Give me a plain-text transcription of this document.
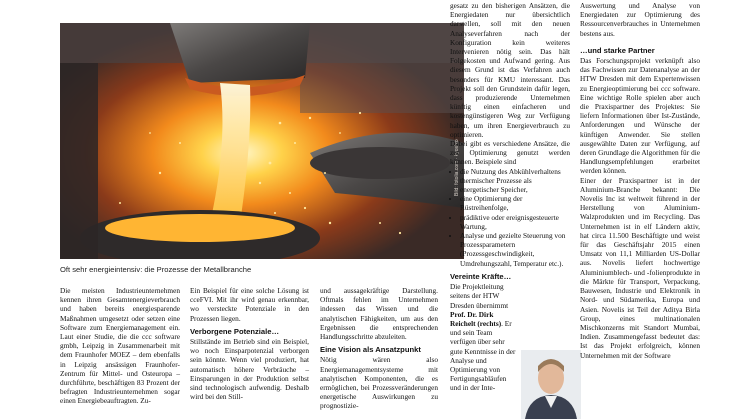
Bild: fotolia.com · kyoshio
Oft sehr energieintensiv: die Prozesse der Metallbranche

Die meisten Industrieunternehmen kennen ihren Gesamtenergieverbrauch und haben bereits energiesparende Maßnahmen umgesetzt oder setzen eine Software zum Energiemanagement ein. Laut einer Studie, die die ccc software gmbh, Leipzig in Zusammenarbeit mit dem Fraunhofer MOEZ – dem ebenfalls in Leipzig ansässigen Fraunhofer-Zentrum für Mittel- und Osteuropa – durchführte, beschäftigen 83 Prozent der befragten Industrieunternehmen sogar einen Energiebeauftragten. Zu-

Ein Beispiel für eine solche Lösung ist cceFVI. Mit ihr wird genau erkennbar, wo versteckte Potenziale in den Prozessen liegen.

Verborgene Potenziale…

Stillstände im Betrieb sind ein Beispiel, wo noch Einsparpotenzial verborgen sein könnte. Wenn viel produziert, hat automatisch höhere Verbräuche – Einsparungen in der Produktion selbst sind technologisch aufwendig. Deshalb wird bei den Still-

und aussagekräftige Darstellung. Oftmals fehlen im Unternehmen indessen das Wissen und die analytischen Fähigkeiten, um aus den Ergebnissen die entsprechenden Handlungsschritte abzuleiten.

Eine Vision als Ansatzpunkt

Nötig wären also Energiemanagementsysteme mit analytischen Komponenten, die es ermöglichen, bei Prozessveränderungen energetische Auswirkungen zu prognostizie-

gesatz zu den bisherigen Ansätzen, die Energiedaten nur übersichtlich darstellen, soll mit den neuen Analyseverfahren nach der Konfiguration kein weiteres Intervenieren nötig sein. Das hält Folgekosten und Aufwand gering. Aus diesem Grund ist das Verfahren auch besonders für KMU interessant. Das Projekt soll den Grundstein dafür legen, dass produzierende Unternehmen künftig einen einfacheren und kostengünstigeren Weg zur Verfügung haben, um ihren Energieverbrauch zu optimieren.

Dabei gibt es verschiedene Ansätze, die zur Optimierung genutzt werden können. Beispiele sind

• die Nutzung des Abkühlverhaltens thermischer Prozesse als energetischer Speicher,
• eine Optimierung der Rüstreihenfolge,
• prädiktive oder ereignisgesteuerte Wartung,
• Analyse und gezielte Steuerung von Prozessparametern (Prozessgeschwindigkeit, Umdrehungszahl, Temperatur etc.).
Vereinte Kräfte…

Die Projektleitung seitens der HTW Dresden übernimmt Prof. Dr. Dirk Reichelt (rechts). Er und sein Team verfügen über sehr gute Kenntnisse in der Analyse und Optimierung von Fertigungsabläufen und in der Inte-

Auswertung und Analyse von Energiedaten zur Optimierung des Ressourcenverbrauches in Unternehmen bestens aus.

…und starke Partner

Das Forschungsprojekt verknüpft also das Fachwissen zur Datenanalyse an der HTW Dresden mit dem Expertenwissen zu Energieoptimierung bei ccc software. Eine wichtige Rolle spielen aber auch die Praxispartner des Projektes: Sie liefern Informationen über Ist-Zustände, Anforderungen und Wünsche der künftigen Anwender. Sie stellen ausgewählte Daten zur Verfügung, auf deren Grundlage die Algorithmen für die Handlungsempfehlungen erarbeitet werden können.

Einer der Praxispartner ist in der Aluminium-Branche bekannt: Die Novelis Inc ist weltweit führend in der Herstellung von Aluminium-Walzprodukten und im Recycling. Das Unternehmen ist in elf Ländern aktiv, hat circa 11.500 Beschäftigte und weist für das Geschäftsjahr 2015 einen Umsatz von 11,1 Milliarden US-Dollar aus. Novelis liefert hochwertige Aluminiumblech- und -folienprodukte in die Märkte für Transport, Verpackung, Bauwesen, Industrie und Elektronik in Nord- und Südamerika, Europa und Asien. Novelis ist Teil der Aditya Birla Group, eines multinationalen Mischkonzerns mit Standort Mumbai, Indien. Zusammengefasst bedeutet das: Ist das Projekt erfolgreich, können Unternehmen mit der Software
